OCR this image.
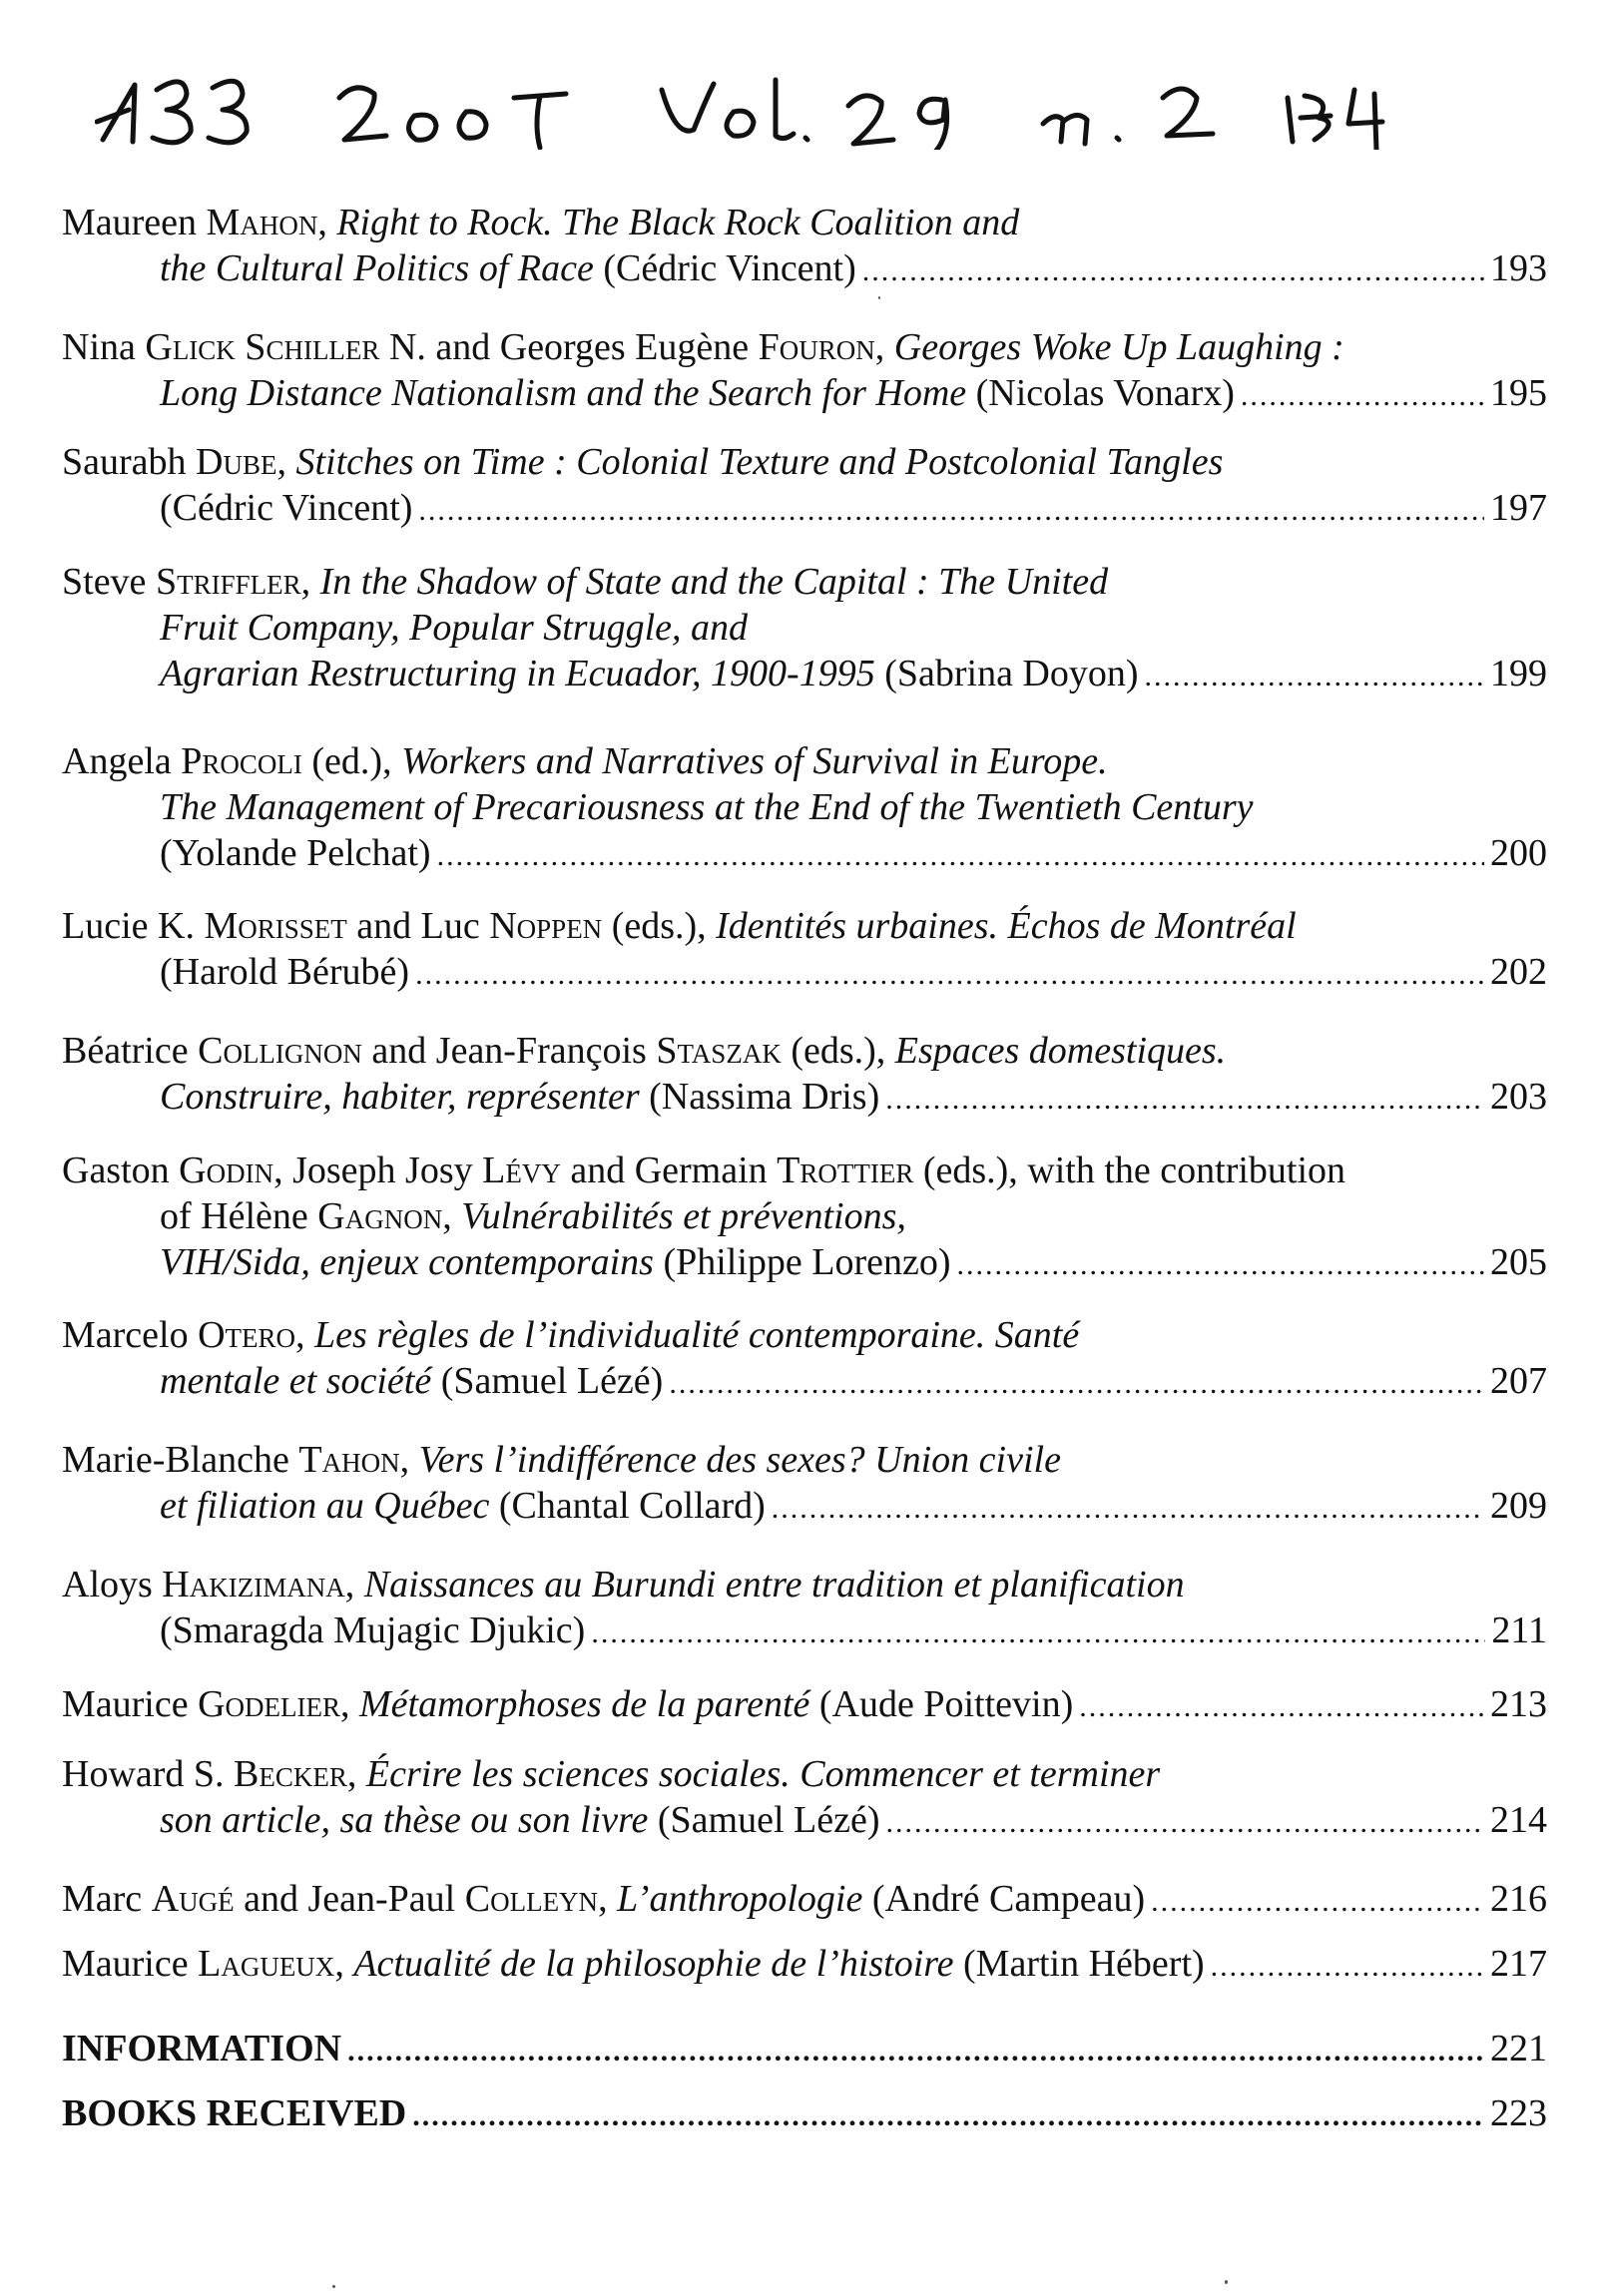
Maureen Mahon, Right to Rock. The Black Rock Coalition and
the Cultural Politics of Race (Cédric Vincent) .....	193
Nina Glick Schiller N. and Georges Eugène Fouron, Georges Woke Up Laughing :
Long Distance Nationalism and the Search for Home (Nicolas Vonarx) .....	195
Saurabh Dube, Stitches on Time : Colonial Texture and Postcolonial Tangles
(Cédric Vincent) .....	197
Steve Striffler, In the Shadow of State and the Capital : The United
Fruit Company, Popular Struggle, and
Agrarian Restructuring in Ecuador, 1900-1995 (Sabrina Doyon) .....	199
Angela Procoli (ed.), Workers and Narratives of Survival in Europe.
The Management of Precariousness at the End of the Twentieth Century
(Yolande Pelchat) .....	200
Lucie K. Morisset and Luc Noppen (eds.), Identités urbaines. Échos de Montréal
(Harold Bérubé) .....	202
Béatrice Collignon and Jean-François Staszak (eds.), Espaces domestiques.
Construire, habiter, représenter (Nassima Dris) .....	203
Gaston Godin, Joseph Josy Lévy and Germain Trottier (eds.), with the contribution
of Hélène Gagnon, Vulnérabilités et préventions,
VIH/Sida, enjeux contemporains (Philippe Lorenzo) .....	205
Marcelo Otero, Les règles de l’individualité contemporaine. Santé
mentale et société (Samuel Lézé) .....	207
Marie-Blanche Tahon, Vers l’indifférence des sexes? Union civile
et filiation au Québec (Chantal Collard) .....	209
Aloys Hakizimana, Naissances au Burundi entre tradition et planification
(Smaragda Mujagic Djukic) .....	211
Maurice Godelier, Métamorphoses de la parenté (Aude Poittevin) .....	213
Howard S. Becker, Écrire les sciences sociales. Commencer et terminer
son article, sa thèse ou son livre (Samuel Lézé) .....	214
Marc Augé and Jean-Paul Colleyn, L’anthropologie (André Campeau) .....	216
Maurice Lagueux, Actualité de la philosophie de l’histoire (Martin Hébert) .....	217
INFORMATION .....	221
BOOKS RECEIVED .....	223
